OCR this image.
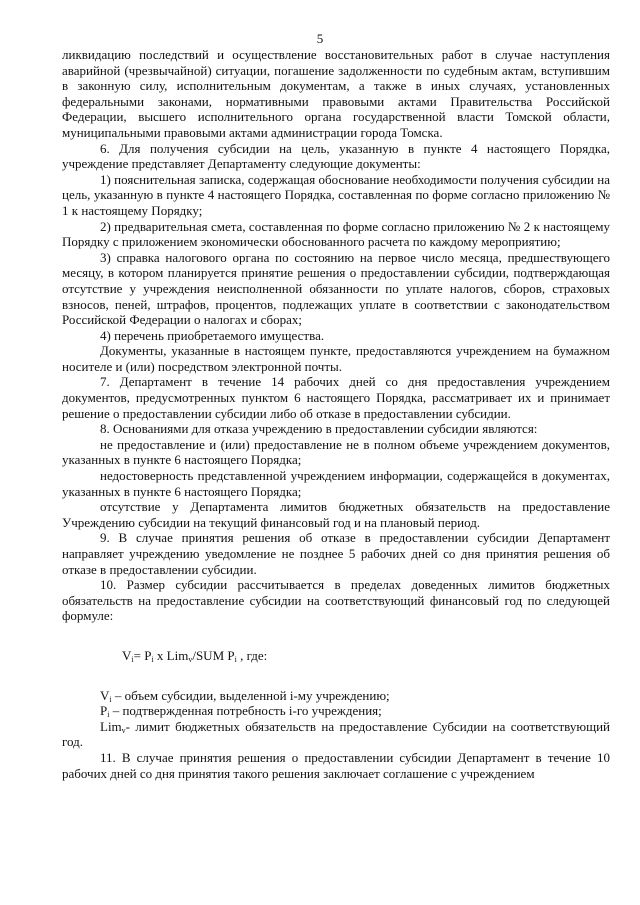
5

ликвидацию последствий и осуществление восстановительных работ в случае наступления аварийной (чрезвычайной) ситуации, погашение задолженности по судебным актам, вступившим в законную силу, исполнительным документам, а также в иных случаях, установленных федеральными законами, нормативными правовыми актами Правительства Российской Федерации, высшего исполнительного органа государственной власти Томской области, муниципальными правовыми актами администрации города Томска.

6. Для получения субсидии на цель, указанную в пункте 4 настоящего Порядка, учреждение представляет Департаменту следующие документы:

1) пояснительная записка, содержащая обоснование необходимости получения субсидии на цель, указанную в пункте 4 настоящего Порядка, составленная по форме согласно приложению № 1 к настоящему Порядку;

2) предварительная смета, составленная по форме согласно приложению № 2 к настоящему Порядку с приложением экономически обоснованного расчета по каждому мероприятию;

3) справка налогового органа по состоянию на первое число месяца, предшествующего месяцу, в котором планируется принятие решения о предоставлении субсидии, подтверждающая отсутствие у учреждения неисполненной обязанности по уплате налогов, сборов, страховых взносов, пеней, штрафов, процентов, подлежащих уплате в соответствии с законодательством Российской Федерации о налогах и сборах;

4) перечень приобретаемого имущества.

Документы, указанные в настоящем пункте, предоставляются учреждением на бумажном носителе и (или) посредством электронной почты.

7. Департамент в течение 14 рабочих дней со дня предоставления учреждением документов, предусмотренных пунктом 6 настоящего Порядка, рассматривает их и принимает решение о предоставлении субсидии либо об отказе в предоставлении субсидии.

8. Основаниями для отказа учреждению в предоставлении субсидии являются:

не предоставление и (или) предоставление не в полном объеме учреждением документов, указанных в пункте 6 настоящего Порядка;

недостоверность представленной учреждением информации, содержащейся в документах, указанных в пункте 6 настоящего Порядка;

отсутствие у Департамента лимитов бюджетных обязательств на предоставление Учреждению субсидии на текущий финансовый год и на плановый период.

9. В случае принятия решения об отказе в предоставлении субсидии Департамент направляет учреждению уведомление не позднее 5 рабочих дней со дня принятия решения об отказе в предоставлении субсидии.

10. Размер субсидии рассчитывается в пределах доведенных лимитов бюджетных обязательств на предоставление субсидии на соответствующий финансовый год по следующей формуле:

$V_i= P_i$ x Lim$_v$/SUM $P_i$ , где:

$V_i$ – объем субсидии, выделенной i-му учреждению;

$P_i$ – подтвержденная потребность i-го учреждения;

Lim$_v$- лимит бюджетных обязательств на предоставление Субсидии на соответствующий год.

11. В случае принятия решения о предоставлении субсидии Департамент в течение 10 рабочих дней со дня принятия такого решения заключает соглашение с учреждением
